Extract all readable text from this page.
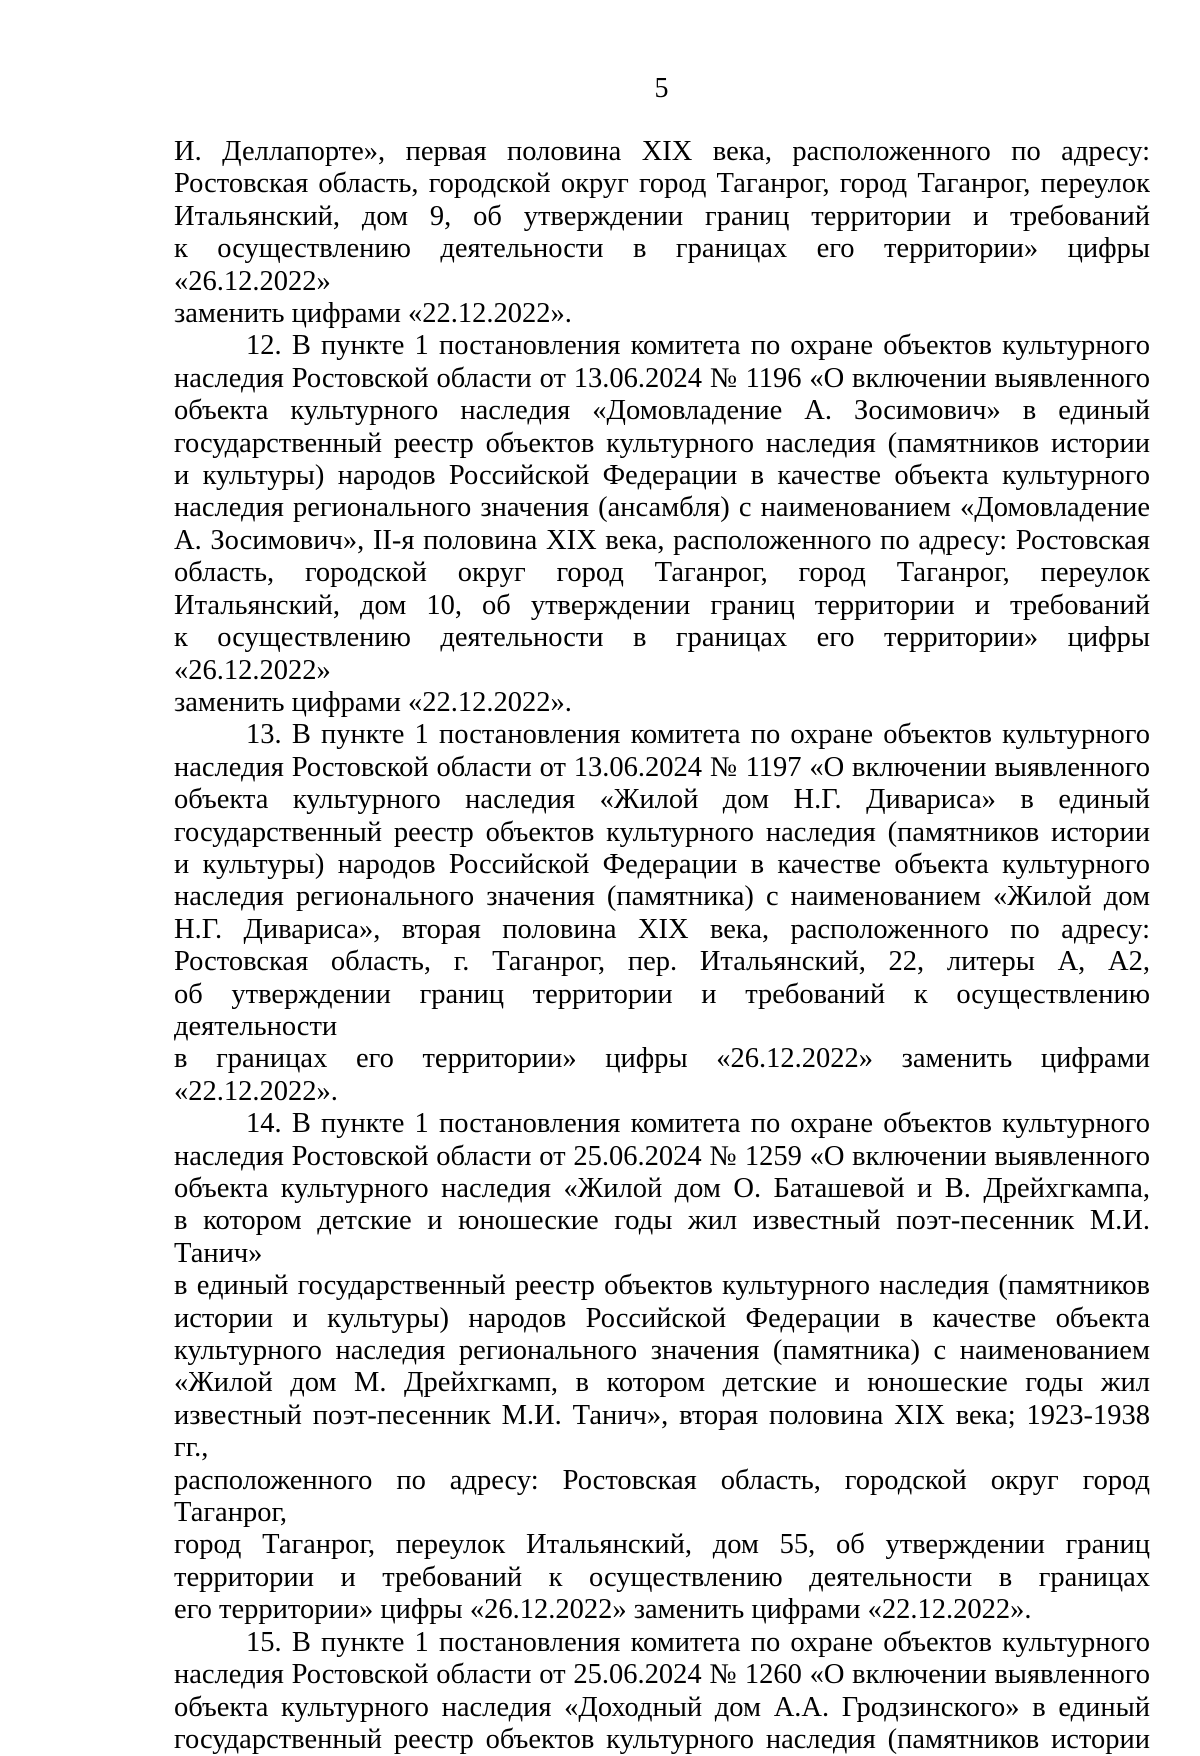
5

И. Деллапорте», первая половина XIX века, расположенного по адресу:
Ростовская область, городской округ город Таганрог, город Таганрог, переулок
Итальянский, дом 9, об утверждении границ территории и требований
к осуществлению деятельности в границах его территории» цифры «26.12.2022»
заменить цифрами «22.12.2022».

12. В пункте 1 постановления комитета по охране объектов культурного
наследия Ростовской области от 13.06.2024 № 1196 «О включении выявленного
объекта культурного наследия «Домовладение А. Зосимович» в единый
государственный реестр объектов культурного наследия (памятников истории
и культуры) народов Российской Федерации в качестве объекта культурного
наследия регионального значения (ансамбля) с наименованием «Домовладение
А. Зосимович», II-я половина XIX века, расположенного по адресу: Ростовская
область, городской округ город Таганрог, город Таганрог, переулок
Итальянский, дом 10, об утверждении границ территории и требований
к осуществлению деятельности в границах его территории» цифры «26.12.2022»
заменить цифрами «22.12.2022».

13. В пункте 1 постановления комитета по охране объектов культурного
наследия Ростовской области от 13.06.2024 № 1197 «О включении выявленного
объекта культурного наследия «Жилой дом Н.Г. Дивариса» в единый
государственный реестр объектов культурного наследия (памятников истории
и культуры) народов Российской Федерации в качестве объекта культурного
наследия регионального значения (памятника) с наименованием «Жилой дом
Н.Г. Дивариса», вторая половина XIX века, расположенного по адресу:
Ростовская область, г. Таганрог, пер. Итальянский, 22, литеры А, А2,
об утверждении границ территории и требований к осуществлению деятельности
в границах его территории» цифры «26.12.2022» заменить цифрами
«22.12.2022».

14. В пункте 1 постановления комитета по охране объектов культурного
наследия Ростовской области от 25.06.2024 № 1259 «О включении выявленного
объекта культурного наследия «Жилой дом О. Баташевой и В. Дрейхгкампа,
в котором детские и юношеские годы жил известный поэт-песенник М.И. Танич»
в единый государственный реестр объектов культурного наследия (памятников
истории и культуры) народов Российской Федерации в качестве объекта
культурного наследия регионального значения (памятника) с наименованием
«Жилой дом М. Дрейхгкамп, в котором детские и юношеские годы жил
известный поэт-песенник М.И. Танич», вторая половина XIX века; 1923-1938 гг.,
расположенного по адресу: Ростовская область, городской округ город Таганрог,
город Таганрог, переулок Итальянский, дом 55, об утверждении границ
территории и требований к осуществлению деятельности в границах
его территории» цифры «26.12.2022» заменить цифрами «22.12.2022».

15. В пункте 1 постановления комитета по охране объектов культурного
наследия Ростовской области от 25.06.2024 № 1260 «О включении выявленного
объекта культурного наследия «Доходный дом А.А. Гродзинского» в единый
государственный реестр объектов культурного наследия (памятников истории
